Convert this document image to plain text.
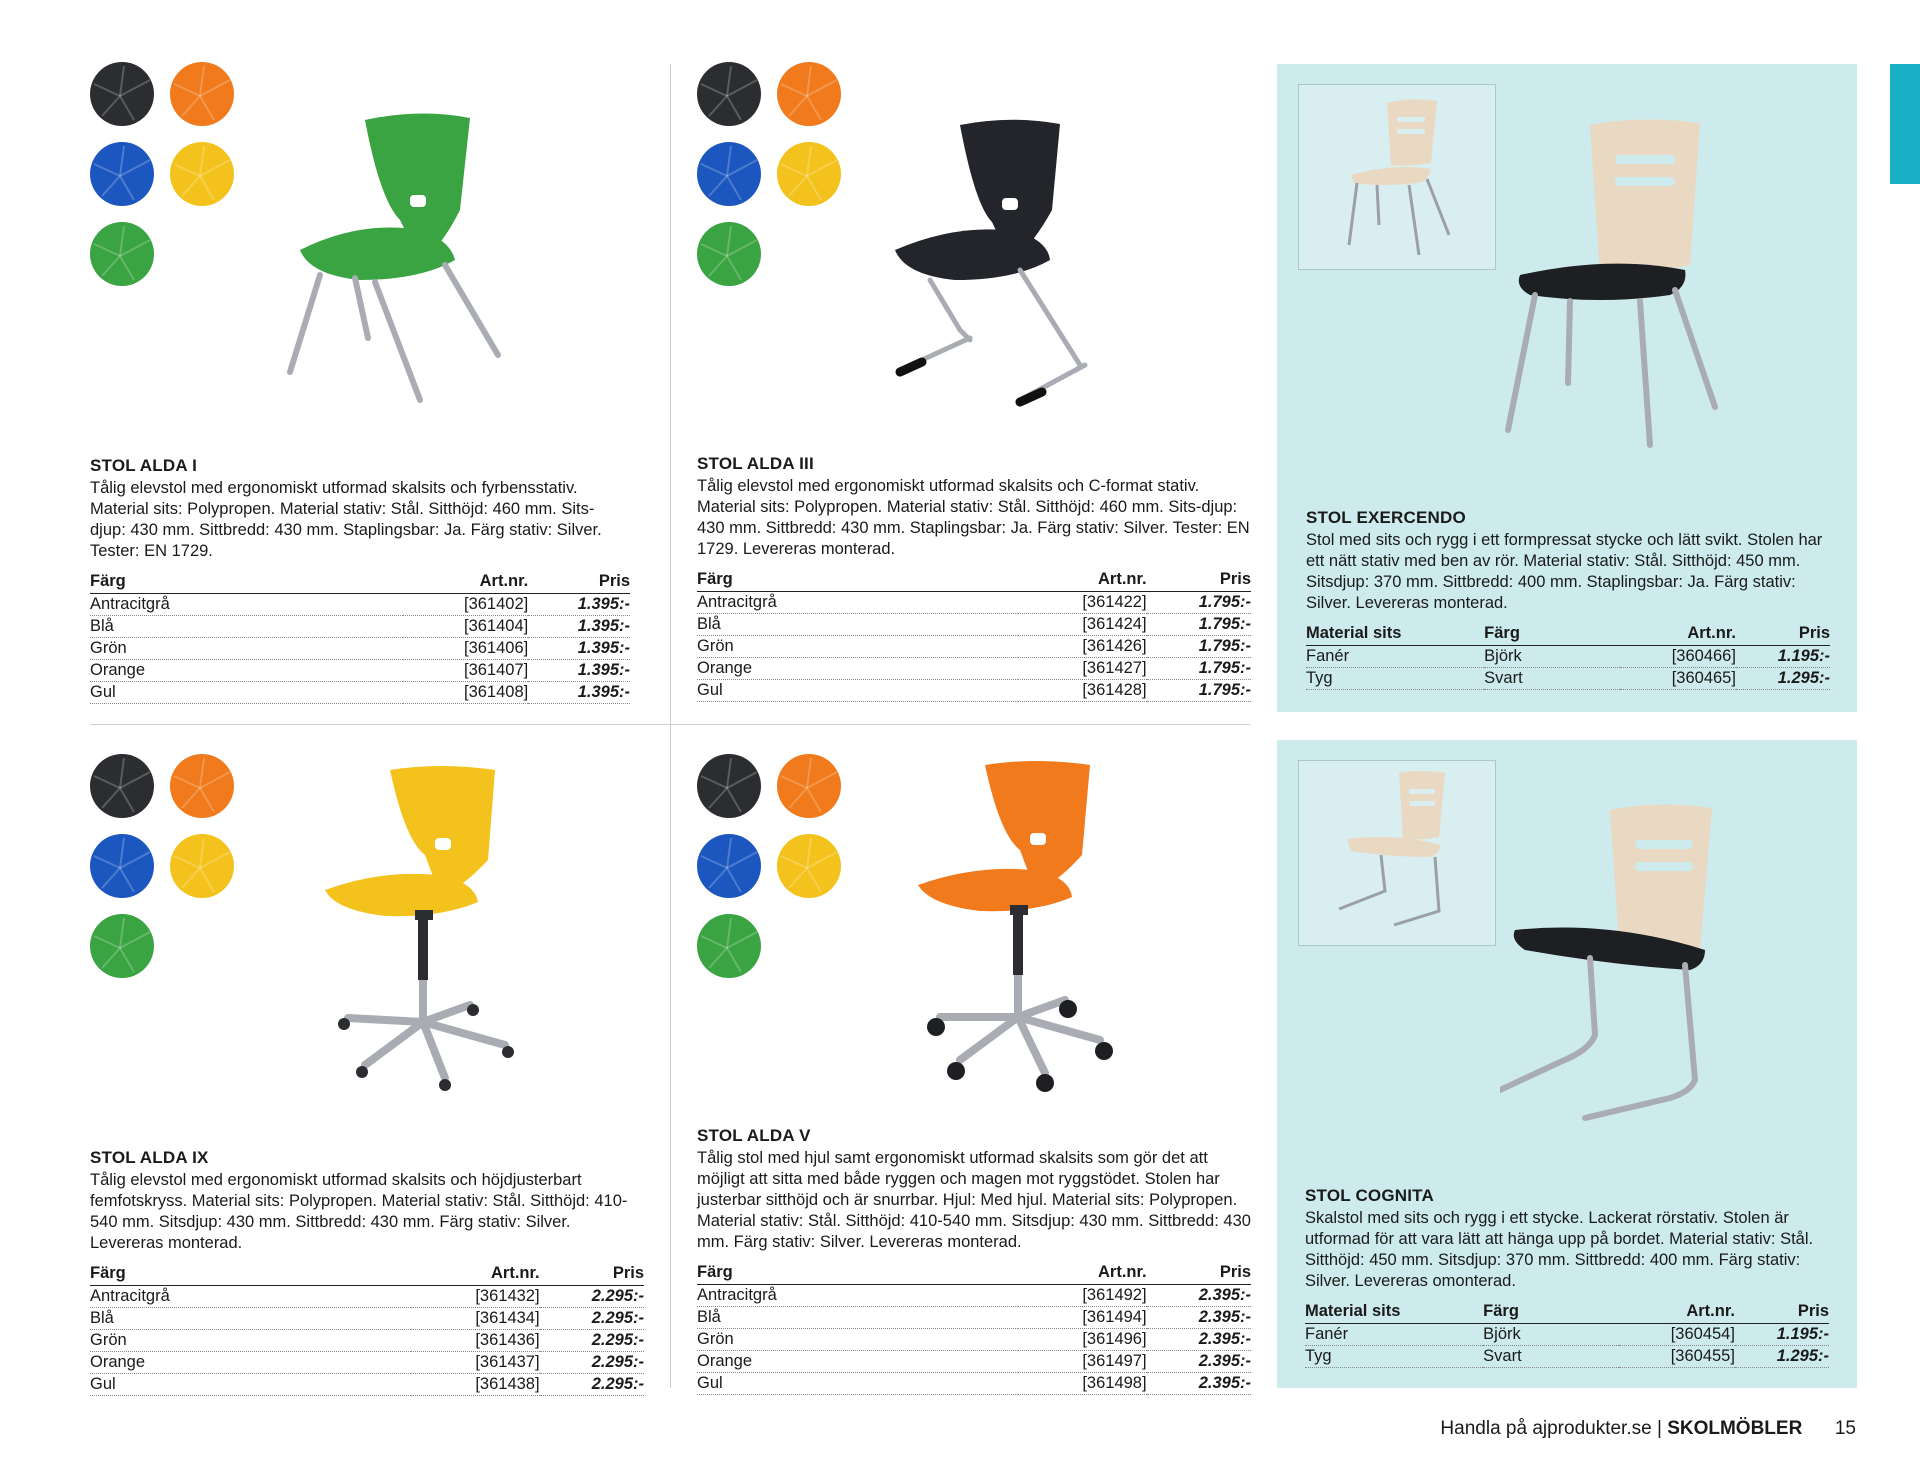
STOL ALDA I

Tålig elevstol med ergonomiskt utformad skalsits och fyrbensstativ. Material sits: Polypropen. Material stativ: Stål. Sitthöjd: 460 mm. Sits-djup: 430 mm. Sittbredd: 430 mm. Staplingsbar: Ja. Färg stativ: Silver. Tester: EN 1729.

Färg	Art.nr.	Pris
Antracitgrå	[361402]	1.395:-
Blå	[361404]	1.395:-
Grön	[361406]	1.395:-
Orange	[361407]	1.395:-
Gul	[361408]	1.395:-
STOL ALDA III

Tålig elevstol med ergonomiskt utformad skalsits och C-format stativ. Material sits: Polypropen. Material stativ: Stål. Sitthöjd: 460 mm. Sits-djup: 430 mm. Sittbredd: 430 mm. Staplingsbar: Ja. Färg stativ: Silver. Tester: EN 1729. Levereras monterad.

Färg	Art.nr.	Pris
Antracitgrå	[361422]	1.795:-
Blå	[361424]	1.795:-
Grön	[361426]	1.795:-
Orange	[361427]	1.795:-
Gul	[361428]	1.795:-
STOL EXERCENDO

Stol med sits och rygg i ett formpressat stycke och lätt svikt. Stolen har ett nätt stativ med ben av rör. Material stativ: Stål. Sitthöjd: 450 mm. Sitsdjup: 370 mm. Sittbredd: 400 mm. Staplingsbar: Ja. Färg stativ: Silver. Levereras monterad.

Material sits	Färg	Art.nr.	Pris
Fanér	Björk	[360466]	1.195:-
Tyg	Svart	[360465]	1.295:-
STOL ALDA IX

Tålig elevstol med ergonomiskt utformad skalsits och höjdjusterbart femfotskryss. Material sits: Polypropen. Material stativ: Stål. Sitthöjd: 410-540 mm. Sitsdjup: 430 mm. Sittbredd: 430 mm. Färg stativ: Silver. Levereras monterad.

Färg	Art.nr.	Pris
Antracitgrå	[361432]	2.295:-
Blå	[361434]	2.295:-
Grön	[361436]	2.295:-
Orange	[361437]	2.295:-
Gul	[361438]	2.295:-
STOL ALDA V

Tålig stol med hjul samt ergonomiskt utformad skalsits som gör det att möjligt att sitta med både ryggen och magen mot ryggstödet. Stolen har justerbar sitthöjd och är snurrbar. Hjul: Med hjul. Material sits: Polypropen. Material stativ: Stål. Sitthöjd: 410-540 mm. Sitsdjup: 430 mm. Sittbredd: 430 mm. Färg stativ: Silver. Levereras monterad.

Färg	Art.nr.	Pris
Antracitgrå	[361492]	2.395:-
Blå	[361494]	2.395:-
Grön	[361496]	2.395:-
Orange	[361497]	2.395:-
Gul	[361498]	2.395:-
STOL COGNITA

Skalstol med sits och rygg i ett stycke. Lackerat rörstativ. Stolen är utformad för att vara lätt att hänga upp på bordet. Material stativ: Stål. Sitthöjd: 450 mm. Sitsdjup: 370 mm. Sittbredd: 400 mm. Färg stativ: Silver. Levereras omonterad.

Material sits	Färg	Art.nr.	Pris
Fanér	Björk	[360454]	1.195:-
Tyg	Svart	[360455]	1.295:-
Handla på ajprodukter.se | SKOLMÖBLER 15
